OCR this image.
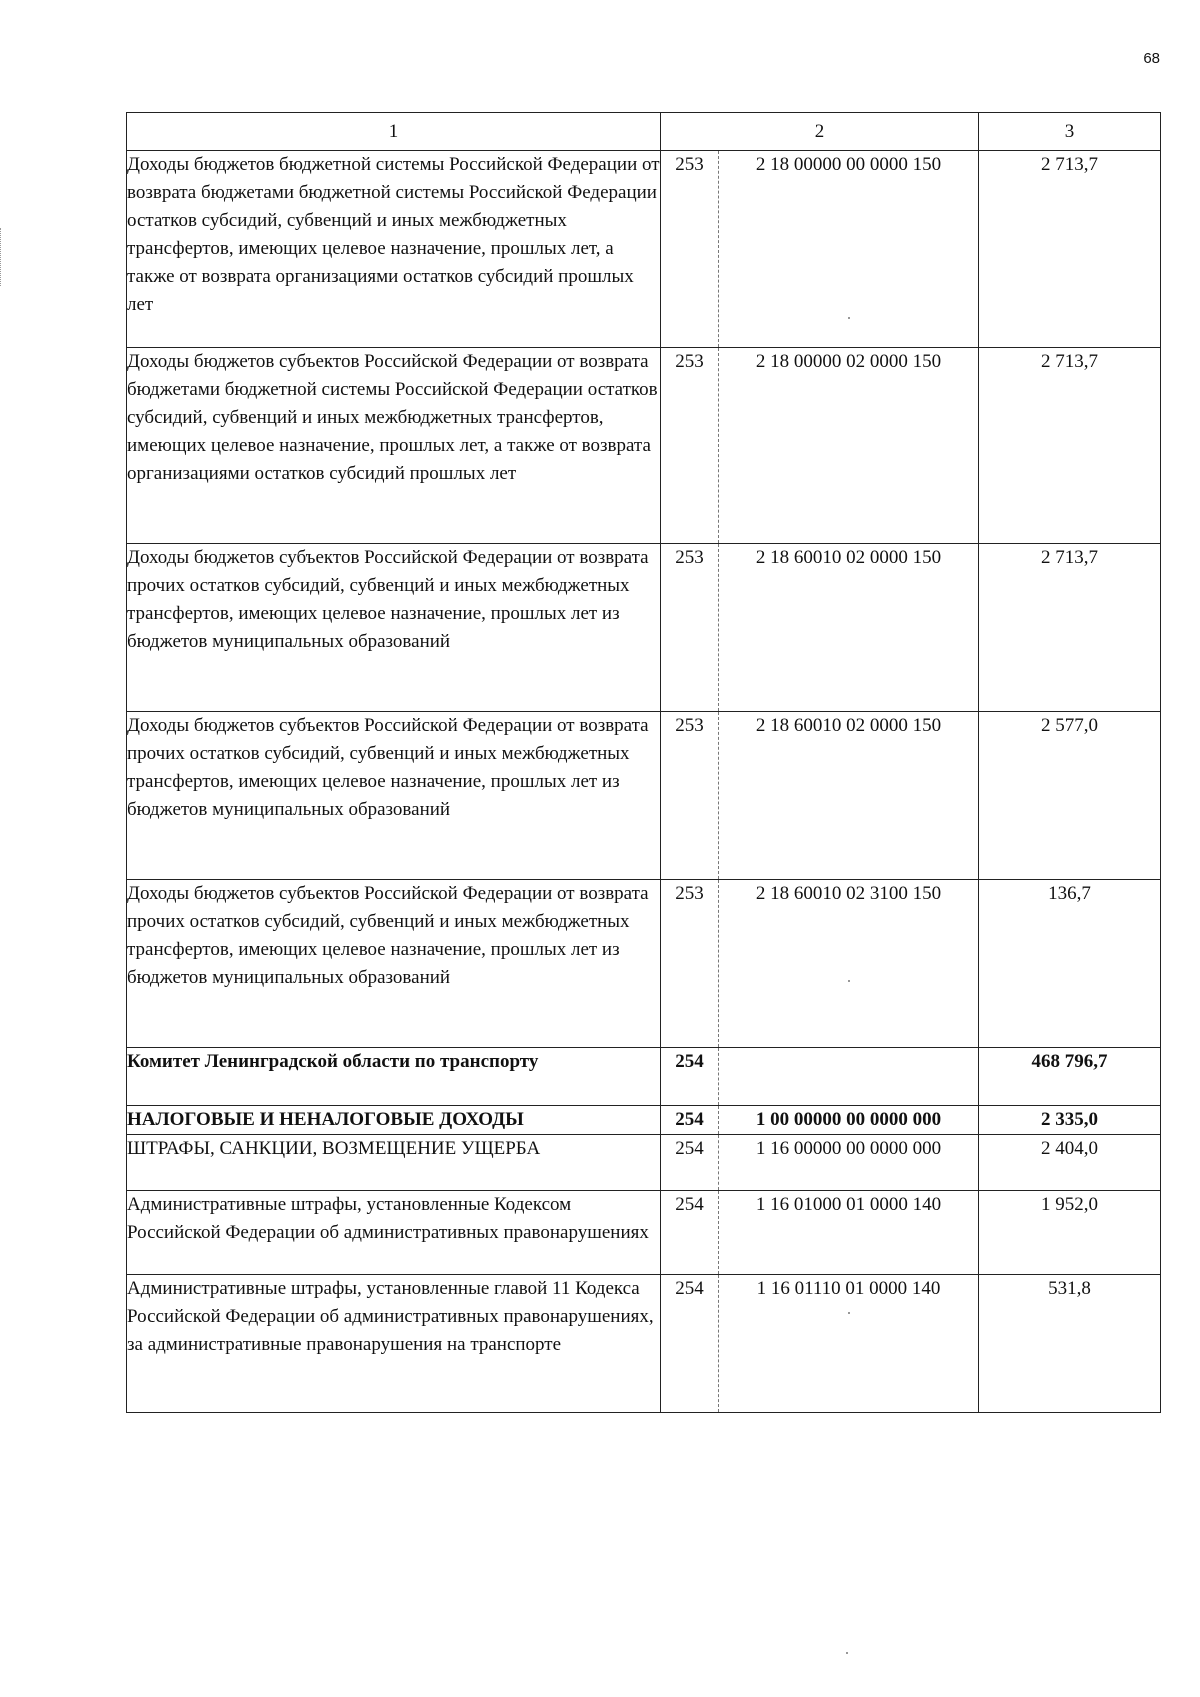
68
1	2		3
Доходы бюджетов бюджетной системы Российской Федерации от возврата бюджетами бюджетной системы Российской Федерации остатков субсидий, субвенций и иных межбюджетных трансфертов, имеющих целевое назначение, прошлых лет, а также от возврата организациями остатков субсидий прошлых лет	253	2 18 00000 00 0000 150	2 713,7
Доходы бюджетов субъектов Российской Федерации от возврата бюджетами бюджетной системы Российской Федерации остатков субсидий, субвенций и иных межбюджетных трансфертов, имеющих целевое назначение, прошлых лет, а также от возврата организациями остатков субсидий прошлых лет	253	2 18 00000 02 0000 150	2 713,7
Доходы бюджетов субъектов Российской Федерации от возврата прочих остатков субсидий, субвенций и иных межбюджетных трансфертов, имеющих целевое назначение, прошлых лет из бюджетов муниципальных образований	253	2 18 60010 02 0000 150	2 713,7
Доходы бюджетов субъектов Российской Федерации от возврата прочих остатков субсидий, субвенций и иных межбюджетных трансфертов, имеющих целевое назначение, прошлых лет из бюджетов муниципальных образований	253	2 18 60010 02 0000 150	2 577,0
Доходы бюджетов субъектов Российской Федерации от возврата прочих остатков субсидий, субвенций и иных межбюджетных трансфертов, имеющих целевое назначение, прошлых лет из бюджетов муниципальных образований	253	2 18 60010 02 3100 150	136,7
Комитет Ленинградской области по транспорту	254		468 796,7
НАЛОГОВЫЕ И НЕНАЛОГОВЫЕ ДОХОДЫ	254	1 00 00000 00 0000 000	2 335,0
ШТРАФЫ, САНКЦИИ, ВОЗМЕЩЕНИЕ УЩЕРБА	254	1 16 00000 00 0000 000	2 404,0
Административные штрафы, установленные Кодексом Российской Федерации об административных правонарушениях	254	1 16 01000 01 0000 140	1 952,0
Административные штрафы, установленные главой 11 Кодекса Российской Федерации об административных правонарушениях, за административные правонарушения на транспорте	254	1 16 01110 01 0000 140	531,8
